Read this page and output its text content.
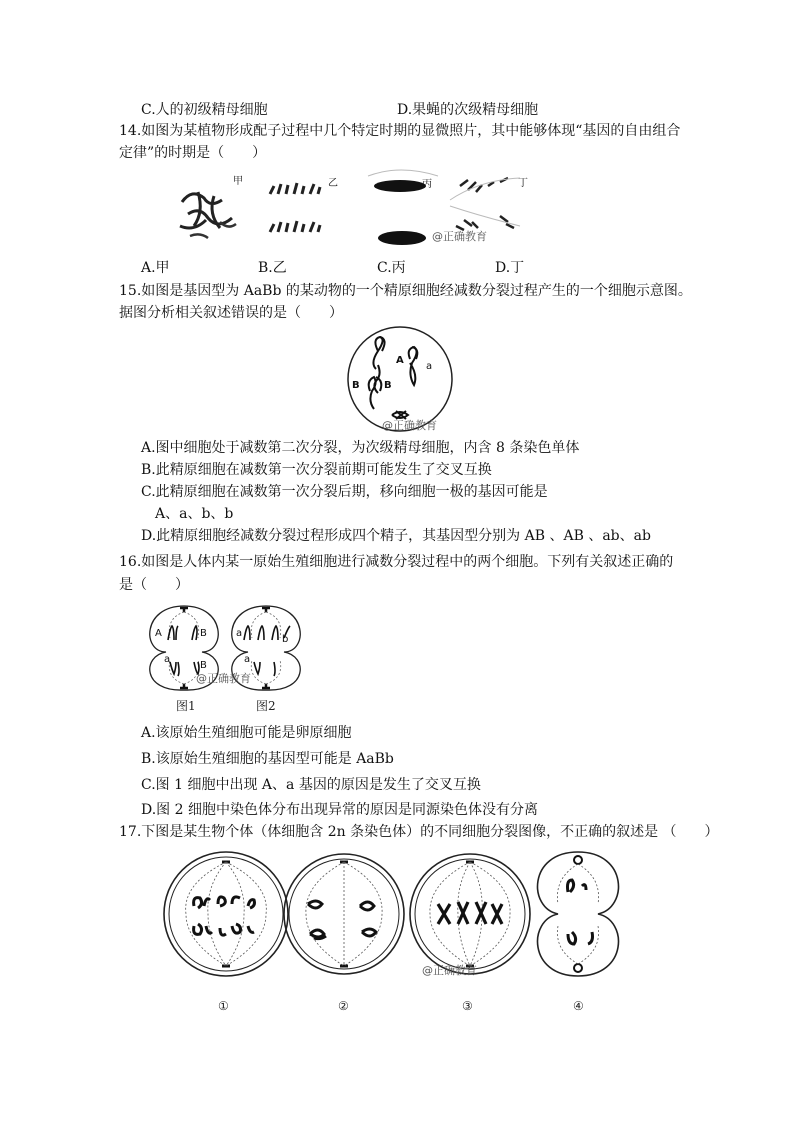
C.人的初级精母细胞	D.果蝇的次级精母细胞
14.如图为某植物形成配子过程中几个特定时期的显微照片，其中能够体现“基因的自由组合
定律”的时期是（　　）
甲	乙	丙	丁
@正确教育
A.甲	B.乙	C.丙	D.丁
15.如图是基因型为 AaBb 的某动物的一个精原细胞经减数分裂过程产生的一个细胞示意图。
据图分析相关叙述错误的是（　　）
A
a
B B
@正确教育
A.图中细胞处于减数第二次分裂，为次级精母细胞，内含 8 条染色单体
B.此精原细胞在减数第一次分裂前期可能发生了交叉互换
C.此精原细胞在减数第一次分裂后期，移向细胞一极的基因可能是
A、a、b、b
D.此精原细胞经减数分裂过程形成四个精子，其基因型分别为 AB 、AB 、ab、ab
16.如图是人体内某一原始生殖细胞进行减数分裂过程中的两个细胞。下列有关叙述正确的
是（　　）
A	B
a
B
a
b
a
@正确教育
图1	图2
A.该原始生殖细胞可能是卵原细胞
B.该原始生殖细胞的基因型可能是 AaBb
C.图 1 细胞中出现 A、a 基因的原因是发生了交叉互换
D.图 2 细胞中染色体分布出现异常的原因是同源染色体没有分离
17.下图是某生物个体（体细胞含 2n 条染色体）的不同细胞分裂图像，不正确的叙述是 （　　）
@正确教育
①	②	③	④
